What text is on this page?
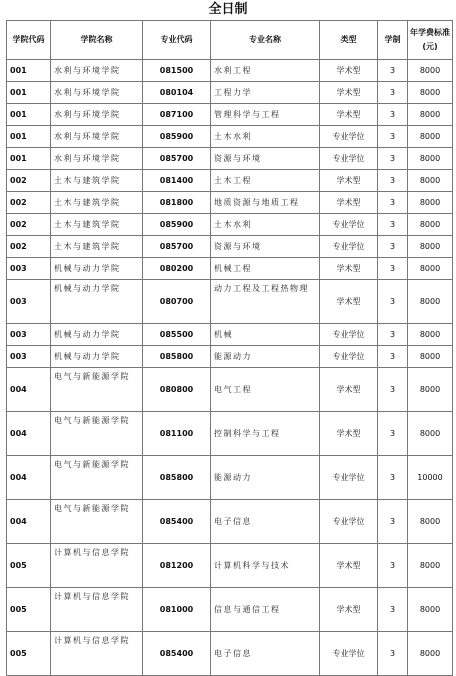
全日制
学院代码	学院名称	专业代码	专业名称	类型	学制	年学费标准(元)
001	水利与环境学院	081500	水利工程	学术型	3	8000
001	水利与环境学院	080104	工程力学	学术型	3	8000
001	水利与环境学院	087100	管理科学与工程	学术型	3	8000
001	水利与环境学院	085900	土木水利	专业学位	3	8000
001	水利与环境学院	085700	资源与环境	专业学位	3	8000
002	土木与建筑学院	081400	土木工程	学术型	3	8000
002	土木与建筑学院	081800	地质资源与地质工程	学术型	3	8000
002	土木与建筑学院	085900	土木水利	专业学位	3	8000
002	土木与建筑学院	085700	资源与环境	专业学位	3	8000
003	机械与动力学院	080200	机械工程	学术型	3	8000
003	机械与动力学院	080700	动力工程及工程热物理	学术型	3	8000
003	机械与动力学院	085500	机械	专业学位	3	8000
003	机械与动力学院	085800	能源动力	专业学位	3	8000
004	电气与新能源学院	080800	电气工程	学术型	3	8000
004	电气与新能源学院	081100	控制科学与工程	学术型	3	8000
004	电气与新能源学院	085800	能源动力	专业学位	3	10000
004	电气与新能源学院	085400	电子信息	专业学位	3	8000
005	计算机与信息学院	081200	计算机科学与技术	学术型	3	8000
005	计算机与信息学院	081000	信息与通信工程	学术型	3	8000
005	计算机与信息学院	085400	电子信息	专业学位	3	8000
